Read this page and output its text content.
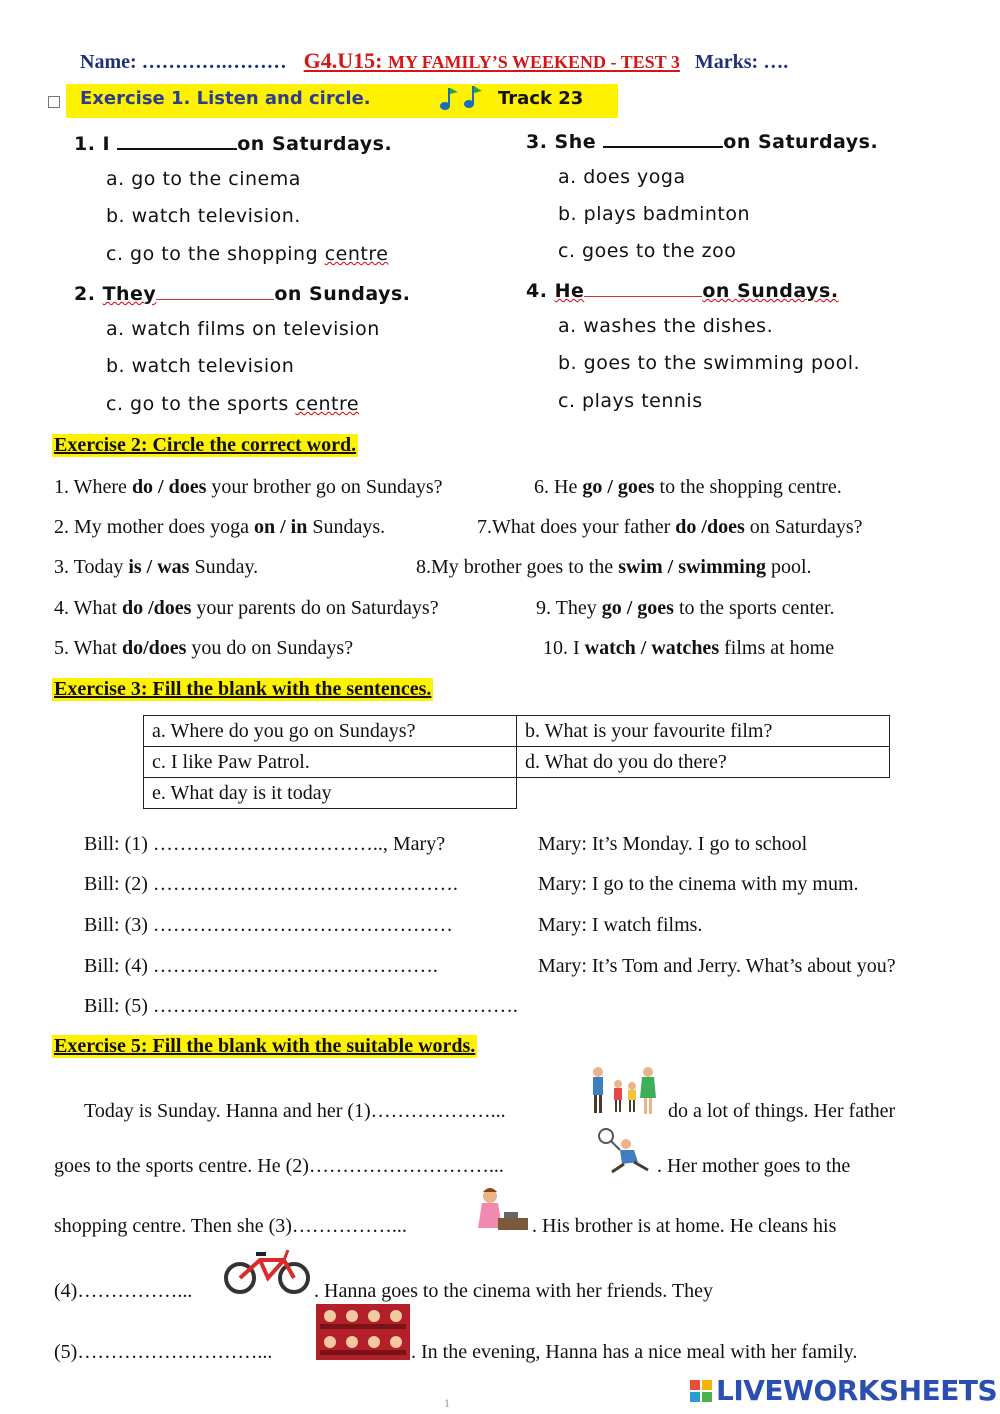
Name: ………….……… G4.U15: MY FAMILY’S WEEKEND - TEST 3 Marks: ….
Exercise 1. Listen and circle.	Track 23
1. I	on Saturdays.
a. go to the cinema
b. watch television.
c. go to the shopping centre
2. They	on Sundays.
a. watch films on television
b. watch television
c. go to the sports centre
3. She	on Saturdays.
a. does yoga
b. plays badminton
c. goes to the zoo
4. He	on Sundays.
a. washes the dishes.
b. goes to the swimming pool.
c. plays tennis
Exercise 2: Circle the correct word.
1. Where do / does your brother go on Sundays?	6. He go / goes to the shopping centre.
2. My mother does yoga on / in Sundays.	7.What does your father do /does on Saturdays?
3. Today is / was Sunday.	8.My brother goes to the swim / swimming pool.
4. What do /does your parents do on Saturdays?	9. They go / goes to the sports center.
5. What do/does you do on Sundays?	10. I watch / watches films at home
Exercise 3: Fill the blank with the sentences.
a. Where do you go on Sundays?	b. What is your favourite film?
c. I like Paw Patrol.	d. What do you do there?
e. What day is it today	
Bill: (1) …………………………….., Mary?	Mary: It’s Monday. I go to school
Bill: (2) ……………………………………….	Mary: I go to the cinema with my mum.
Bill: (3) ………………………………………	Mary: I watch films.
Bill: (4) …………………………………….	Mary: It’s Tom and Jerry. What’s about you?
Bill: (5) ……………………………………………….
Exercise 5: Fill the blank with the suitable words.
Today is Sunday. Hanna and her (1)………………...	do a lot of things. Her father
goes to the sports centre. He (2)………………………...	. Her mother goes to the
shopping centre. Then she (3)……………...	. His brother is at home. He cleans his
(4)……………...	. Hanna goes to the cinema with her friends. They
(5)………………………...	. In the evening, Hanna has a nice meal with her family.
1	LIVEWORKSHEETS
